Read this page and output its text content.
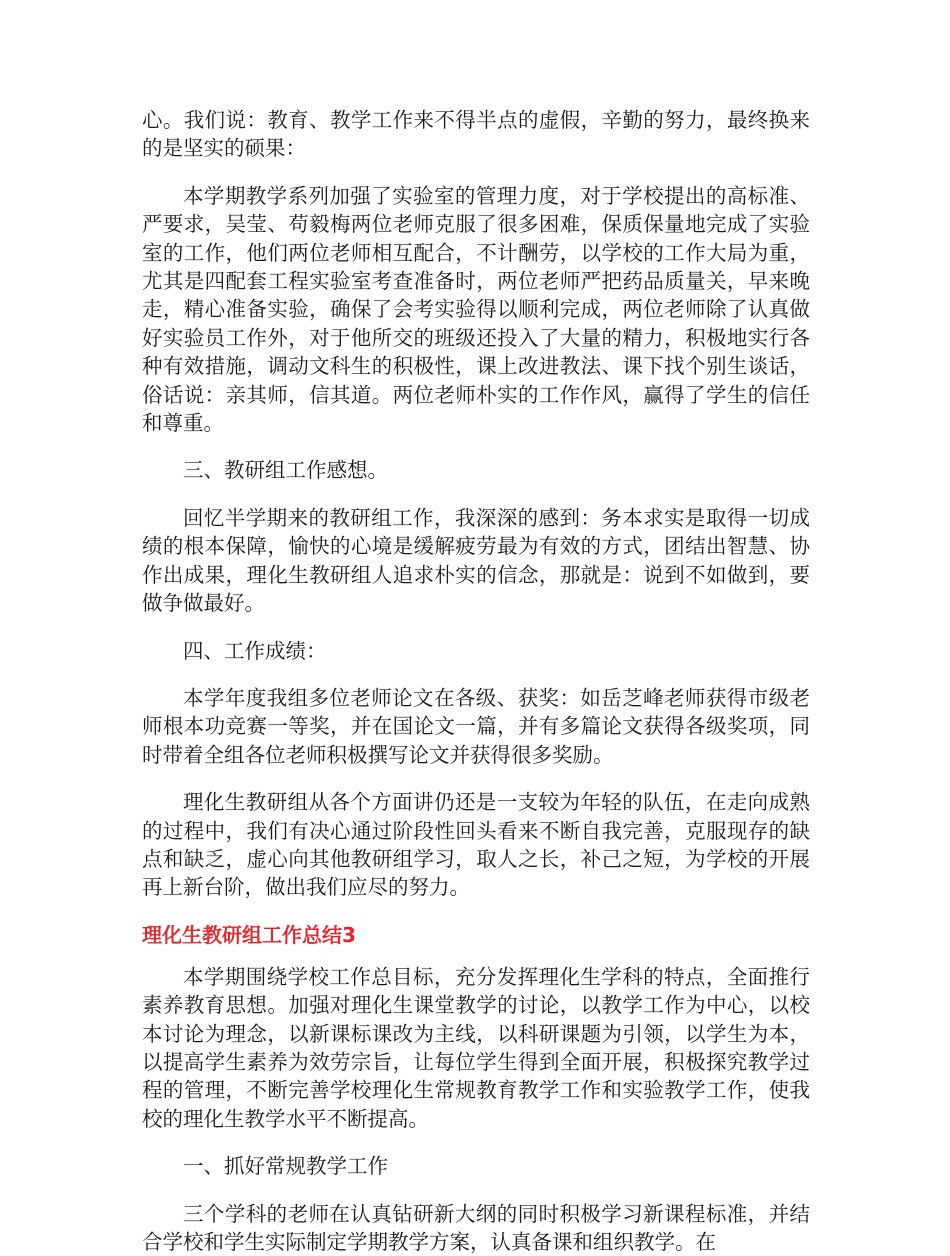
心。我们说：教育、教学工作来不得半点的虚假，辛勤的努力，最终换来的是坚实的硕果：

本学期教学系列加强了实验室的管理力度，对于学校提出的高标准、严要求，吴莹、苟毅梅两位老师克服了很多困难，保质保量地完成了实验室的工作，他们两位老师相互配合，不计酬劳，以学校的工作大局为重，尤其是四配套工程实验室考查准备时，两位老师严把药品质量关，早来晚走，精心准备实验，确保了会考实验得以顺利完成，两位老师除了认真做好实验员工作外，对于他所交的班级还投入了大量的精力，积极地实行各种有效措施，调动文科生的积极性，课上改进教法、课下找个别生谈话，俗话说：亲其师，信其道。两位老师朴实的工作作风，赢得了学生的信任和尊重。

三、教研组工作感想。

回忆半学期来的教研组工作，我深深的感到：务本求实是取得一切成绩的根本保障，愉快的心境是缓解疲劳最为有效的方式，团结出智慧、协作出成果，理化生教研组人追求朴实的信念，那就是：说到不如做到，要做争做最好。

四、工作成绩：

本学年度我组多位老师论文在各级、获奖：如岳芝峰老师获得市级老师根本功竞赛一等奖，并在国论文一篇，并有多篇论文获得各级奖项，同时带着全组各位老师积极撰写论文并获得很多奖励。

理化生教研组从各个方面讲仍还是一支较为年轻的队伍，在走向成熟的过程中，我们有决心通过阶段性回头看来不断自我完善，克服现存的缺点和缺乏，虚心向其他教研组学习，取人之长，补己之短，为学校的开展再上新台阶，做出我们应尽的努力。

理化生教研组工作总结3

本学期围绕学校工作总目标，充分发挥理化生学科的特点，全面推行素养教育思想。加强对理化生课堂教学的讨论，以教学工作为中心，以校本讨论为理念，以新课标课改为主线，以科研课题为引领，以学生为本，以提高学生素养为效劳宗旨，让每位学生得到全面开展，积极探究教学过程的管理，不断完善学校理化生常规教育教学工作和实验教学工作，使我校的理化生教学水平不断提高。

一、抓好常规教学工作

三个学科的老师在认真钻研新大纲的同时积极学习新课程标准，并结合学校和学生实际制定学期教学方案，认真备课和组织教学。在
